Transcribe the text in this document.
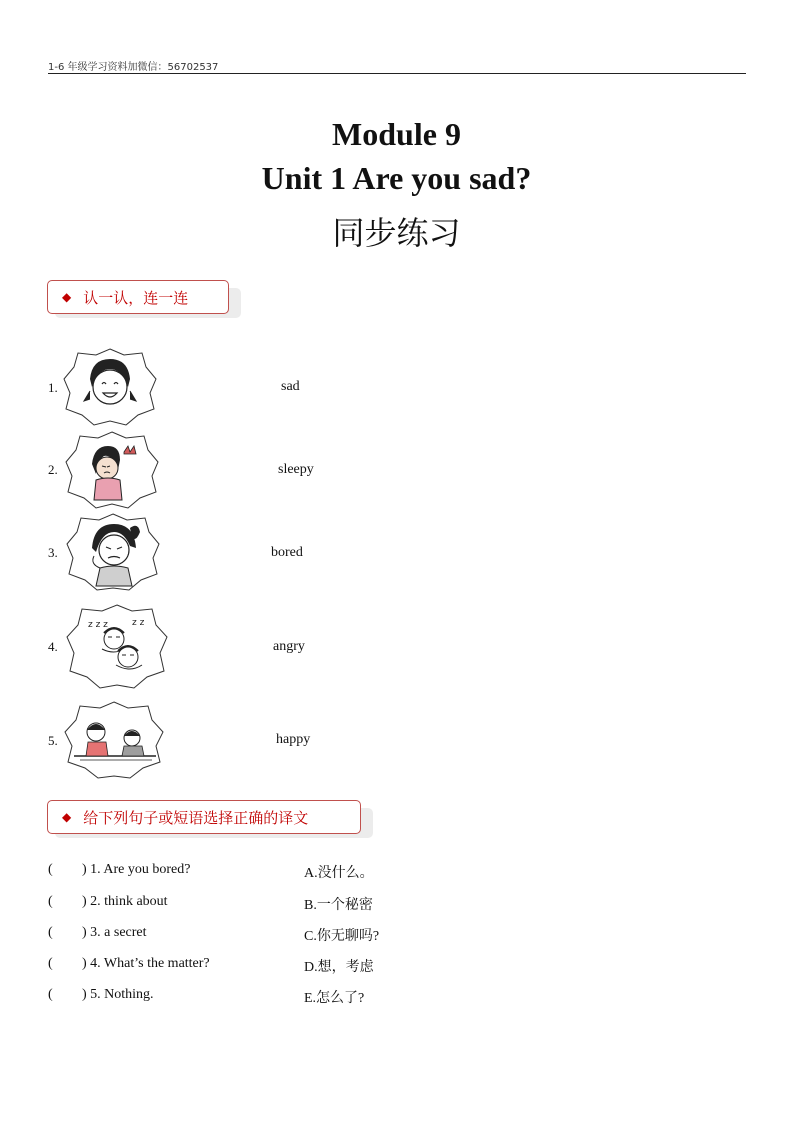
1-6 年级学习资料加微信：56702537
Module 9
Unit 1 Are you sad?
同步练习
◆ 认一认，连一连
1.
2.
3.
4.
5.
z z z	z z
sad
sleepy
bored
angry
happy
◆ 给下列句子或短语选择正确的译文
( ) 1. Are you bored?	A.没什么。
( ) 2. think about	B.一个秘密
( ) 3. a secret	C.你无聊吗?
( ) 4. What’s the matter?	D.想，考虑
( ) 5. Nothing.	E.怎么了?
